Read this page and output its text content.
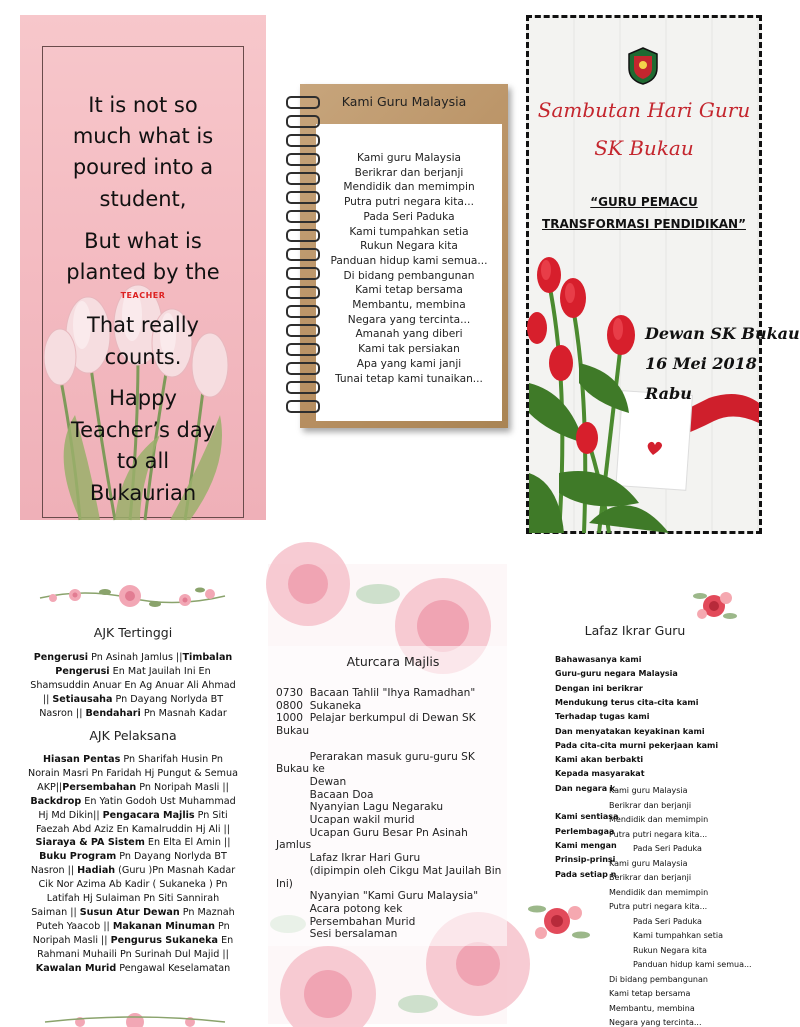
It is not so
much what is
poured into a
student,
But what is
planted by the
TEACHER
That really
counts.
Happy
Teacher’s day
to all
Bukaurian
Kami Guru Malaysia
Kami guru Malaysia
Berikrar dan berjanji
Mendidik dan memimpin
Putra putri negara kita...
Pada Seri Paduka
Kami tumpahkan setia
Rukun Negara kita
Panduan hidup kami semua...
Di bidang pembangunan
Kami tetap bersama
Membantu, membina
Negara yang tercinta...
Amanah yang diberi
Kami tak persiakan
Apa yang kami janji
Tunai tetap kami tunaikan...
Sambutan Hari Guru
SK Bukau
“GURU PEMACU
TRANSFORMASI PENDIDIKAN”
Dewan SK Bukau
16 Mei 2018
Rabu
AJK Tertinggi
Pengerusi Pn Asinah Jamlus ||Timbalan
Pengerusi En Mat Jauilah Ini En
Shamsuddin Anuar En Ag Anuar Ali Ahmad
|| Setiausaha Pn Dayang Norlyda BT
Nasron || Bendahari Pn Masnah Kadar
AJK Pelaksana
Hiasan Pentas Pn Sharifah Husin Pn
Norain Masri Pn Faridah Hj Pungut & Semua
AKP||Persembahan Pn Noripah Masli ||
Backdrop En Yatin Godoh Ust Muhammad
Hj Md Dikin|| Pengacara Majlis Pn Siti
Faezah Abd Aziz En Kamalruddin Hj Ali ||
Siaraya & PA Sistem En Elta El Amin ||
Buku Program Pn Dayang Norlyda BT
Nasron || Hadiah (Guru )Pn Masnah Kadar
Cik Nor Azima Ab Kadir ( Sukaneka ) Pn
Latifah Hj Sulaiman Pn Siti Sannirah
Saiman || Susun Atur Dewan Pn Maznah
Puteh Yaacob || Makanan Minuman Pn
Noripah Masli || Pengurus Sukaneka En
Rahmani Muhaili Pn Surinah Dul Majid ||
Kawalan Murid Pengawal Keselamatan
Aturcara Majlis
0730  Bacaan Tahlil "Ihya Ramadhan"
0800  Sukaneka
1000  Pelajar berkumpul di Dewan SK
Bukau
Perarakan masuk guru-guru SK
Bukau ke
Dewan
Bacaan Doa
Nyanyian Lagu Negaraku
Ucapan wakil murid
Ucapan Guru Besar Pn Asinah
Jamlus
Lafaz Ikrar Hari Guru
(dipimpin oleh Cikgu Mat Jauilah Bin
Ini)
Nyanyian "Kami Guru Malaysia"
Acara potong kek
Persembahan Murid
Sesi bersalaman
Lafaz Ikrar Guru
Bahawasanya kami
Guru-guru negara Malaysia
Dengan ini berikrar
Mendukung terus cita-cita kami
Terhadap tugas kami
Dan menyatakan keyakinan kami
Pada cita-cita murni pekerjaan kami
Kami akan berbakti
Kepada masyarakat
Dan negara k
Kami sentiasa
Perlembagaa
Kami mengan
Prinsip-prinsi
Pada setiap n
Kami guru Malaysia
Berikrar dan berjanji
Mendidik dan memimpin
Putra putri negara kita...
Pada Seri Paduka
Kami guru Malaysia
Berikrar dan berjanji
Mendidik dan memimpin
Putra putri negara kita...
Pada Seri Paduka
Kami tumpahkan setia
Rukun Negara kita
Panduan hidup kami semua...
Di bidang pembangunan
Kami tetap bersama
Membantu, membina
Negara yang tercinta...
